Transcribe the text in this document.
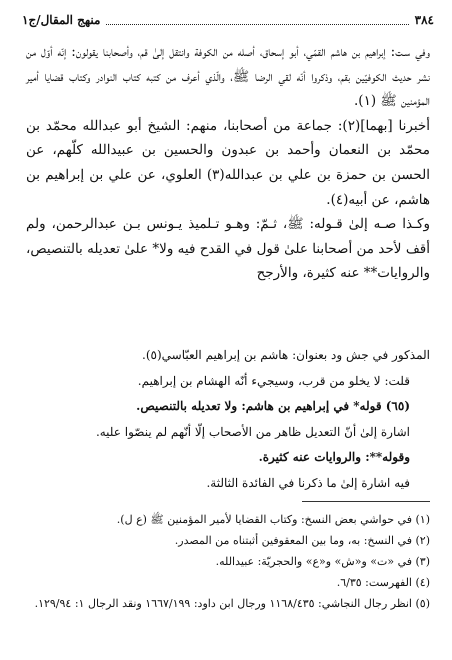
٣٨٤
منهج المقال/ج١

وفي سـت: إبراهيم بن هاشم القمّي، أبو إسحاق، أصله من الكوفة وانتقل إلىٰ قم، وأصحابنا يقولون: إنّه أوّل من نشر حديث الكوفيّين بقم، وذكروا أنّه لقي الرضا ﷺ، والّذي أعرف من كتبه كتاب النوادر وكتاب قضايا أمير المؤمنين ﷺ (١).

أخبرنا [بهما](٢): جماعة من أصحابنا، منهم: الشيخ أبو عبدالله محمّد بن محمّد بن النعمان وأحمد بن عبدون والحسين بن عبيدالله كلّهم، عن الحسن بن حمزة بن علي بن عبدالله(٣) العلوي، عن علي بن إبراهيم بن هاشم، عن أبيه(٤).

وكـذا صـه إلىٰ قـوله: ﷺ، ثـمّ: وهـو تـلميذ يـونس بـن عبدالرحمن، ولم أقف لأحد من أصحابنا علىٰ قول في القدح فيه ولا* علىٰ تعديله بالتنصيص، والروايات** عنه كثيرة، والأرجح

المذكور في جش ود بعنوان: هاشم بن إبراهيم العبّاسي(٥).

قلت: لا يخلو من قرب، وسيجيء أنّه الهشام بن إبراهيم.

(٦٥) قوله* في إبراهيم بن هاشم: ولا تعديله بالتنصيص.

اشارة إلىٰ أنّ التعديل ظاهر من الأصحاب إلّا أنّهم لم ينصّوا عليه.

وقوله**: والروايات عنه كثيرة.

فيه اشارة إلىٰ ما ذكرنا في الفائدة الثالثة.

(١) في حواشي بعض النسخ: وكتاب القضايا لأمير المؤمنين ﷺ (ع ل).

(٢) في النسخ: به، وما بين المعقوفين أثبتناه من المصدر.

(٣) في «ت» و«ش» و«ع» والحجريّة: عبيدالله.

(٤) الفهرست: ٦/٣٥.

(٥) انظر رجال النجاشي: ١١٦٨/٤٣٥ ورجال ابن داود: ١٦٦٧/١٩٩ ونقد الرجال ١: ١٢٩/٩٤.
